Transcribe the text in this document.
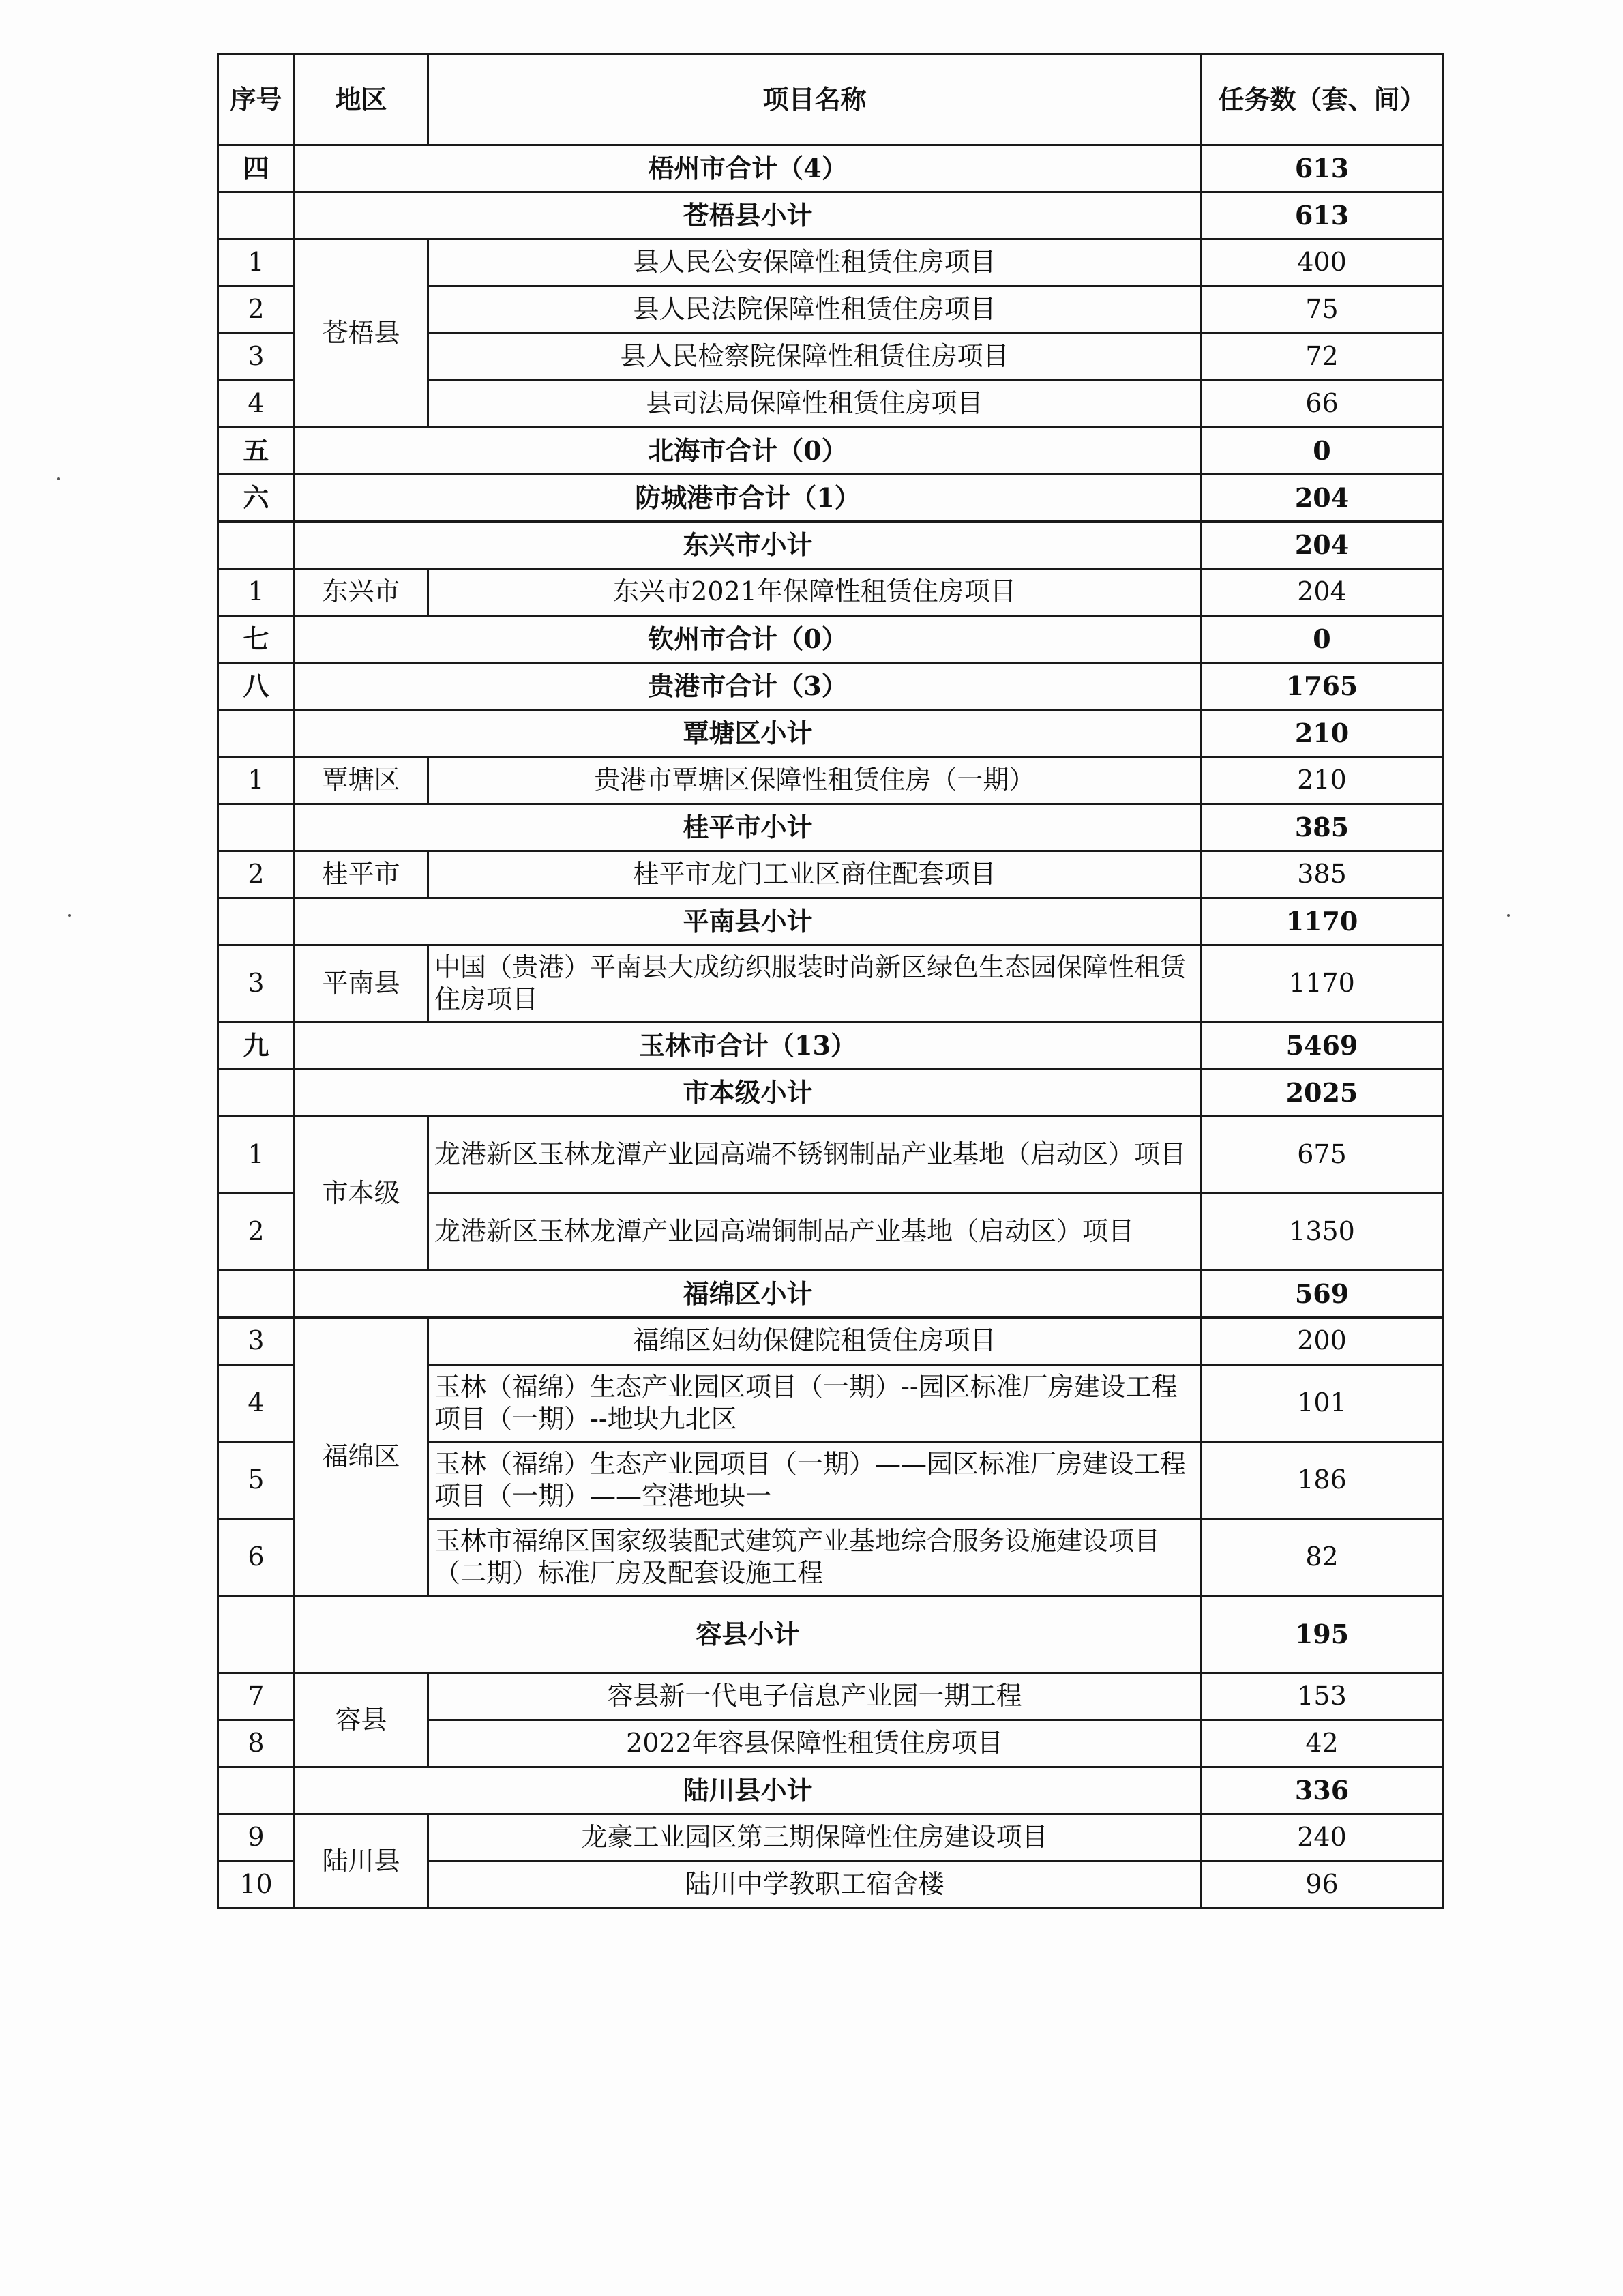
序号	地区	项目名称	任务数（套、间）
四	梧州市合计（4）		613
	苍梧县小计		613
1	苍梧县	县人民公安保障性租赁住房项目	400
2		县人民法院保障性租赁住房项目	75
3		县人民检察院保障性租赁住房项目	72
4		县司法局保障性租赁住房项目	66
五	北海市合计（0）		0
六	防城港市合计（1）		204
	东兴市小计		204
1	东兴市	东兴市2021年保障性租赁住房项目	204
七	钦州市合计（0）		0
八	贵港市合计（3）		1765
	覃塘区小计		210
1	覃塘区	贵港市覃塘区保障性租赁住房（一期）	210
	桂平市小计		385
2	桂平市	桂平市龙门工业区商住配套项目	385
	平南县小计		1170
3	平南县	中国（贵港）平南县大成纺织服装时尚新区绿色生态园保障性租赁住房项目	1170
九	玉林市合计（13）		5469
	市本级小计		2025
1	市本级	龙港新区玉林龙潭产业园高端不锈钢制品产业基地（启动区）项目	675
2		龙港新区玉林龙潭产业园高端铜制品产业基地（启动区）项目	1350
	福绵区小计		569
3	福绵区	福绵区妇幼保健院租赁住房项目	200
4		玉林（福绵）生态产业园区项目（一期）--园区标准厂房建设工程项目（一期）--地块九北区	101
5		玉林（福绵）生态产业园项目（一期）——园区标准厂房建设工程项目（一期）——空港地块一	186
6		玉林市福绵区国家级装配式建筑产业基地综合服务设施建设项目（二期）标准厂房及配套设施工程	82
	容县小计		195
7	容县	容县新一代电子信息产业园一期工程	153
8		2022年容县保障性租赁住房项目	42
	陆川县小计		336
9	陆川县	龙豪工业园区第三期保障性住房建设项目	240
10		陆川中学教职工宿舍楼	96
